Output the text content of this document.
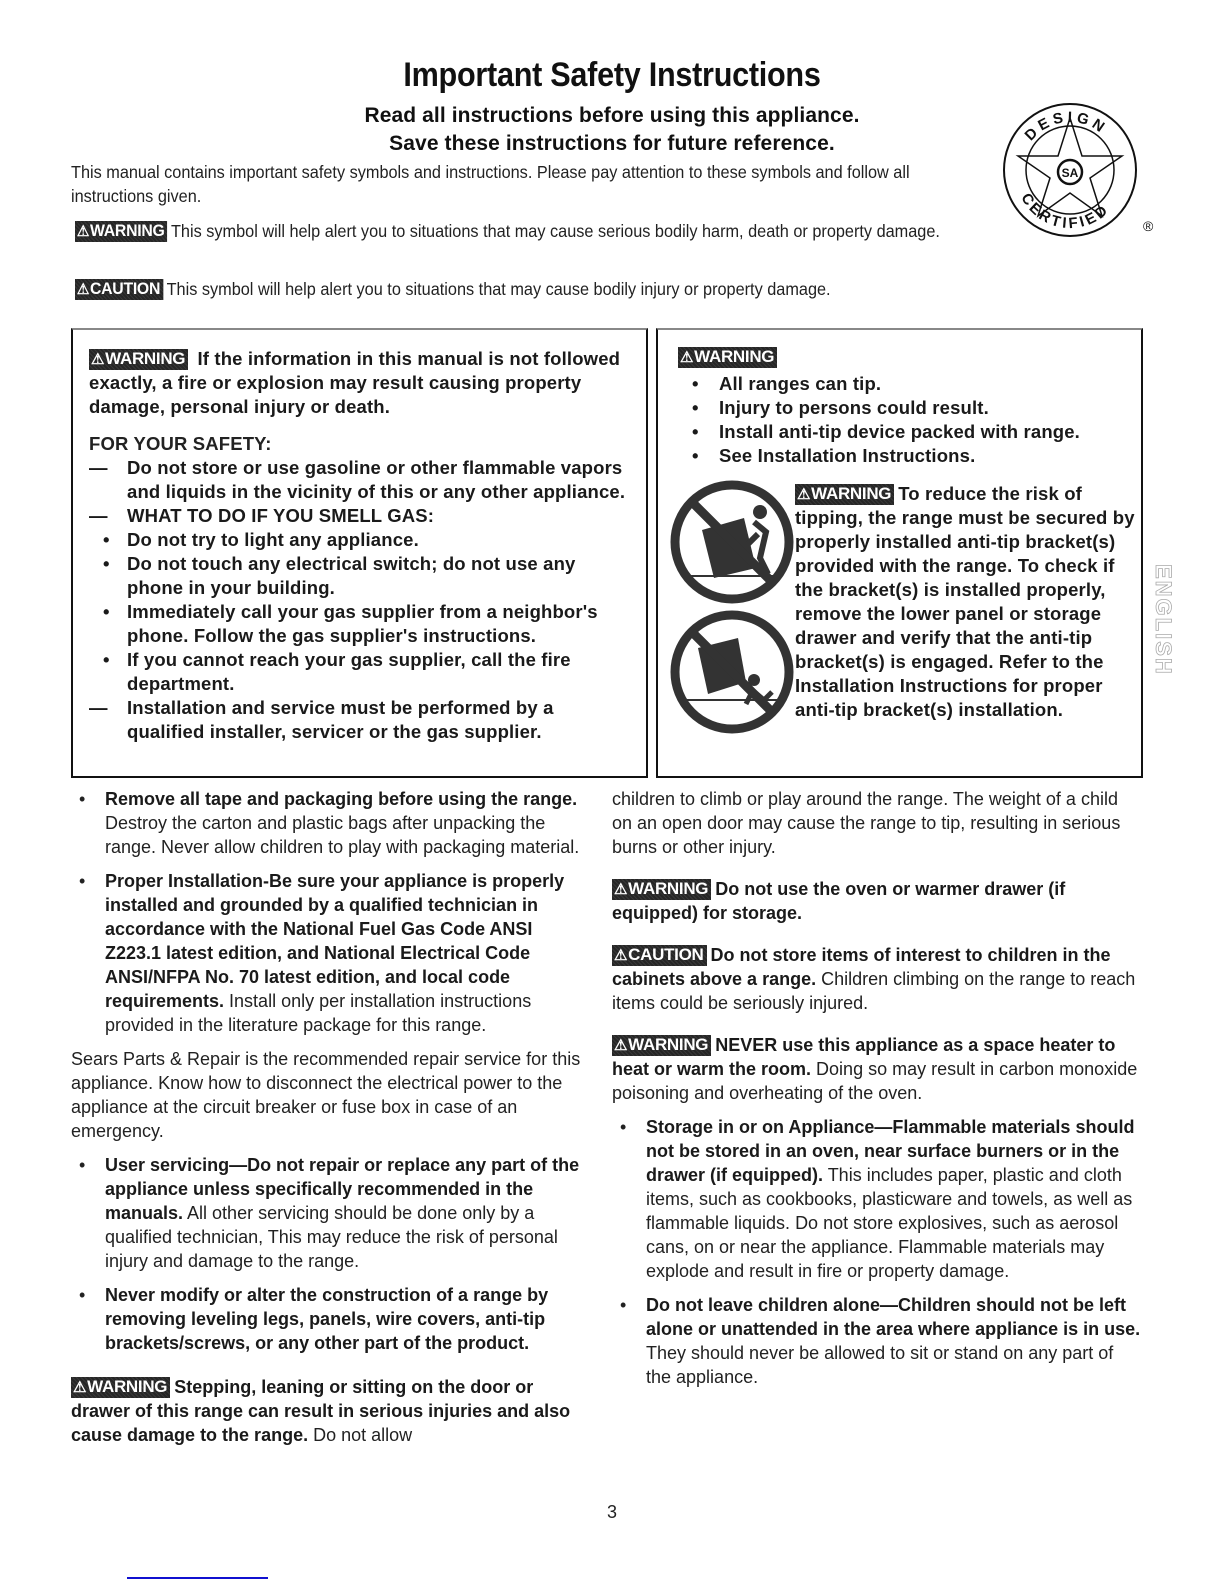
Important Safety Instructions
Read all instructions before using this appliance.
Save these instructions for future reference.
This manual contains important safety symbols and instructions. Please pay attention to these symbols and follow all instructions given.
⚠WARNING This symbol will help alert you to situations that may cause serious bodily harm, death or property damage.
⚠CAUTION This symbol will help alert you to situations that may cause bodily injury or property damage.
SA
DESIGN
CERTIFIED
®
⚠WARNING If the information in this manual is not followed exactly, a fire or explosion may result causing property damage, personal injury or death.
FOR YOUR SAFETY:
— Do not store or use gasoline or other flammable vapors and liquids in the vicinity of this or any other appliance.
— WHAT TO DO IF YOU SMELL GAS:
• Do not try to light any appliance.
• Do not touch any electrical switch; do not use any phone in your building.
• Immediately call your gas supplier from a neighbor's phone. Follow the gas supplier's instructions.
• If you cannot reach your gas supplier, call the fire department.
— Installation and service must be performed by a qualified installer, servicer or the gas supplier.
⚠WARNING
• All ranges can tip.
• Injury to persons could result.
• Install anti-tip device packed with range.
• See Installation Instructions.
⚠WARNING To reduce the risk of tipping, the range must be secured by properly installed anti-tip bracket(s) provided with the range. To check if the bracket(s) is installed properly, remove the lower panel or storage drawer and verify that the anti-tip bracket(s) is engaged. Refer to the Installation Instructions for proper anti-tip bracket(s) installation.
ENGLISH
• Remove all tape and packaging before using the range. Destroy the carton and plastic bags after unpacking the range. Never allow children to play with packaging material.
• Proper Installation-Be sure your appliance is properly installed and grounded by a qualified technician in accordance with the National Fuel Gas Code ANSI Z223.1 latest edition, and National Electrical Code ANSI/NFPA No. 70 latest edition, and local code requirements. Install only per installation instructions provided in the literature package for this range.

Sears Parts & Repair is the recommended repair service for this appliance. Know how to disconnect the electrical power to the appliance at the circuit breaker or fuse box in case of an emergency.

• User servicing—Do not repair or replace any part of the appliance unless specifically recommended in the manuals. All other servicing should be done only by a qualified technician, This may reduce the risk of personal injury and damage to the range.
• Never modify or alter the construction of a range by removing leveling legs, panels, wire covers, anti-tip brackets/screws, or any other part of the product.

⚠WARNING Stepping, leaning or sitting on the door or drawer of this range can result in serious injuries and also cause damage to the range. Do not allow

children to climb or play around the range. The weight of a child on an open door may cause the range to tip, resulting in serious burns or other injury.

⚠WARNING Do not use the oven or warmer drawer (if equipped) for storage.

⚠CAUTION Do not store items of interest to children in the cabinets above a range. Children climbing on the range to reach items could be seriously injured.

⚠WARNING NEVER use this appliance as a space heater to heat or warm the room. Doing so may result in carbon monoxide poisoning and overheating of the oven.

• Storage in or on Appliance—Flammable materials should not be stored in an oven, near surface burners or in the drawer (if equipped). This includes paper, plastic and cloth items, such as cookbooks, plasticware and towels, as well as flammable liquids. Do not store explosives, such as aerosol cans, on or near the appliance. Flammable materials may explode and result in fire or property damage.
• Do not leave children alone—Children should not be left alone or unattended in the area where appliance is in use. They should never be allowed to sit or stand on any part of the appliance.
3
